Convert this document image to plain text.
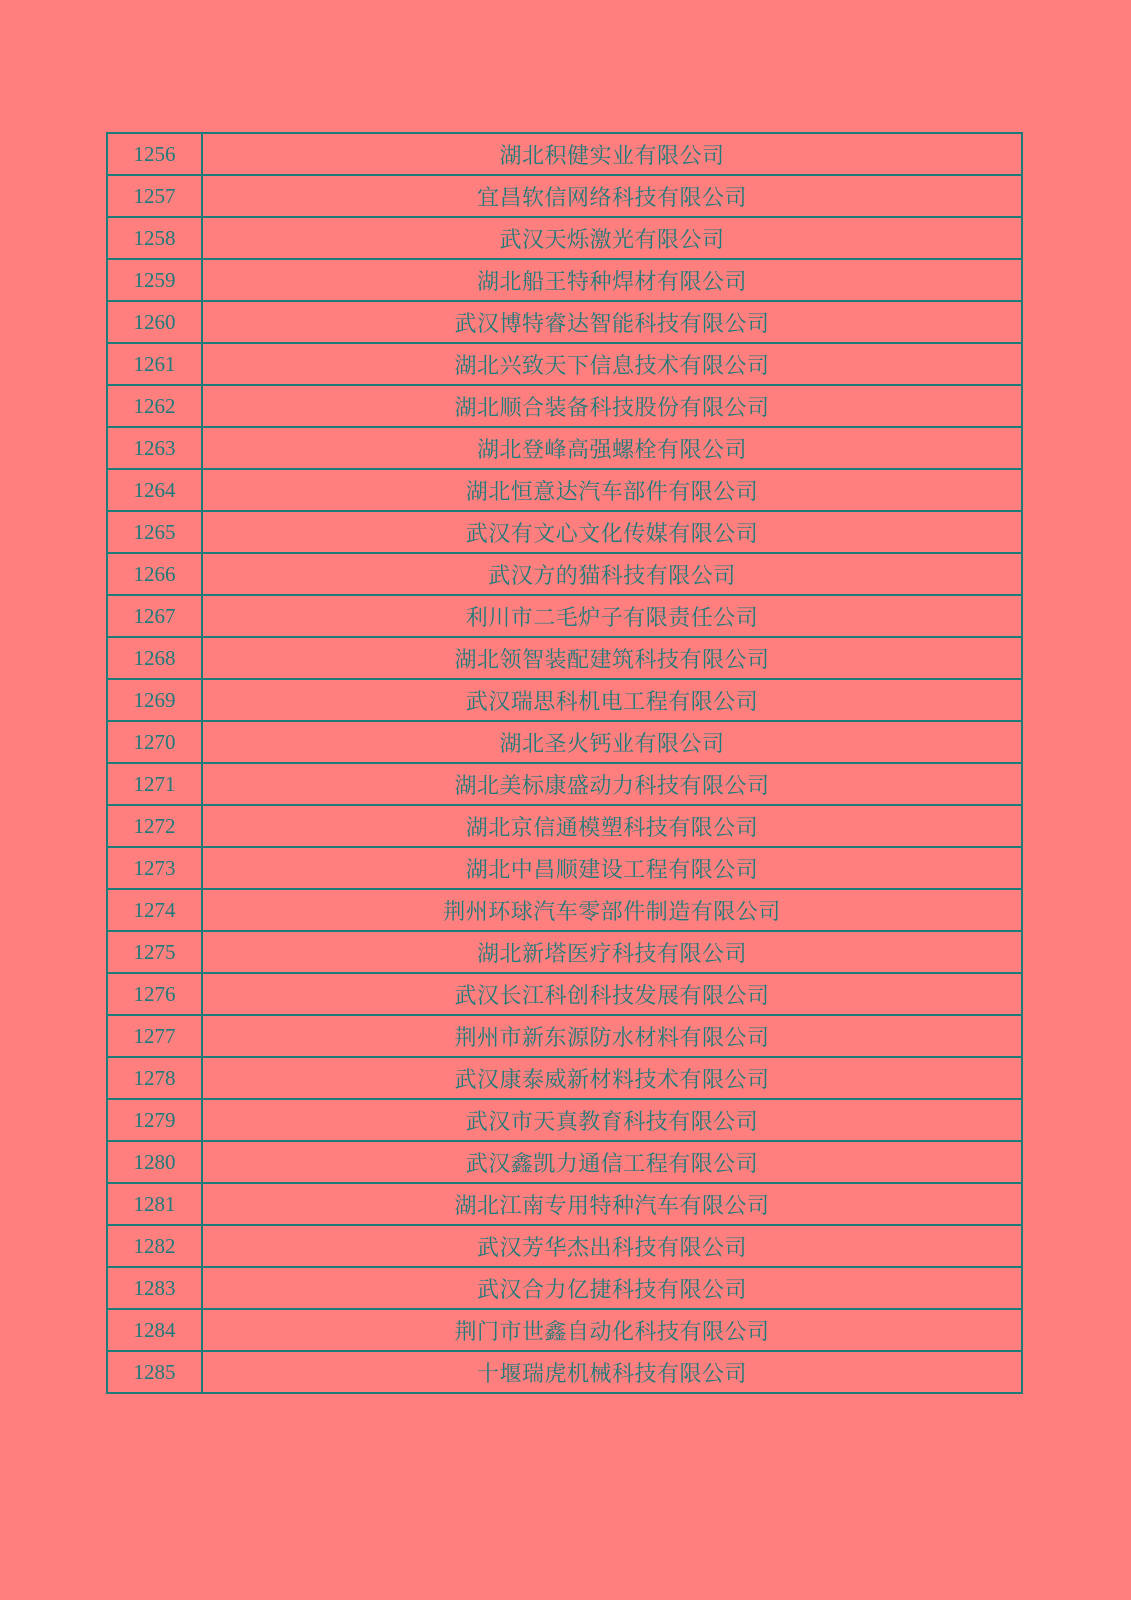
1256	湖北积健实业有限公司
1257	宜昌软信网络科技有限公司
1258	武汉天烁激光有限公司
1259	湖北船王特种焊材有限公司
1260	武汉博特睿达智能科技有限公司
1261	湖北兴致天下信息技术有限公司
1262	湖北顺合装备科技股份有限公司
1263	湖北登峰高强螺栓有限公司
1264	湖北恒意达汽车部件有限公司
1265	武汉有文心文化传媒有限公司
1266	武汉方的猫科技有限公司
1267	利川市二毛炉子有限责任公司
1268	湖北领智装配建筑科技有限公司
1269	武汉瑞思科机电工程有限公司
1270	湖北圣火钙业有限公司
1271	湖北美标康盛动力科技有限公司
1272	湖北京信通模塑科技有限公司
1273	湖北中昌顺建设工程有限公司
1274	荆州环球汽车零部件制造有限公司
1275	湖北新塔医疗科技有限公司
1276	武汉长江科创科技发展有限公司
1277	荆州市新东源防水材料有限公司
1278	武汉康泰威新材料技术有限公司
1279	武汉市天真教育科技有限公司
1280	武汉鑫凯力通信工程有限公司
1281	湖北江南专用特种汽车有限公司
1282	武汉芳华杰出科技有限公司
1283	武汉合力亿捷科技有限公司
1284	荆门市世鑫自动化科技有限公司
1285	十堰瑞虎机械科技有限公司
